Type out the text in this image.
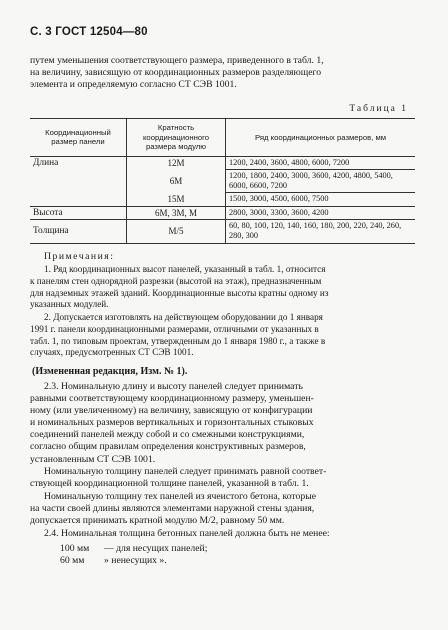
С. 3 ГОСТ 12504—80
путем уменьшения соответствующего размера, приведенного в табл. 1,
на величину, зависящую от координационных размеров разделяющего
элемента и определяемую согласно СТ СЭВ 1001.
Таблица 1
Координационный размер панели	Кратность координационного размера модулю	Ряд координационных размеров, мм
Длина	12М	1200, 2400, 3600, 4800, 6000, 7200
	6М	1200, 1800, 2400, 3000, 3600, 4200, 4800, 5400, 6000, 6600, 7200
	15М	1500, 3000, 4500, 6000, 7500
Высота	6М, 3М, М	2800, 3000, 3300, 3600, 4200
Толщина	М/5	60, 80, 100, 120, 140, 160, 180, 200, 220, 240, 260, 280, 300
Примечания:
1. Ряд координационных высот панелей, указанный в табл. 1, относится
к панелям стен однорядной разрезки (высотой на этаж), предназначенным
для надземных этажей зданий. Координационные высоты кратны одному из
указанных модулей.
2. Допускается изготовлять на действующем оборудовании до 1 января
1991 г. панели координационными размерами, отличными от указанных в
табл. 1, по типовым проектам, утвержденным до 1 января 1980 г., а также в
случаях, предусмотренных СТ СЭВ 1001.
(Измененная редакция, Изм. № 1).
2.3. Номинальную длину и высоту панелей следует принимать
равными соответствующему координационному размеру, уменьшен-
ному (или увеличенному) на величину, зависящую от конфигурации
и номинальных размеров вертикальных и горизонтальных стыковых
соединений панелей между собой и со смежными конструкциями,
согласно общим правилам определения конструктивных размеров,
установленным СТ СЭВ 1001.
Номинальную толщину панелей следует принимать равной соответ-
ствующей координационной толщине панелей, указанной в табл. 1.
Номинальную толщину тех панелей из ячеистого бетона, которые
на части своей длины являются элементами наружной стены здания,
допускается принимать кратной модулю М/2, равному 50 мм.
2.4. Номинальная толщина бетонных панелей должна быть не менее:
100 мм — для несущих панелей;
60 мм » ненесущих ».
